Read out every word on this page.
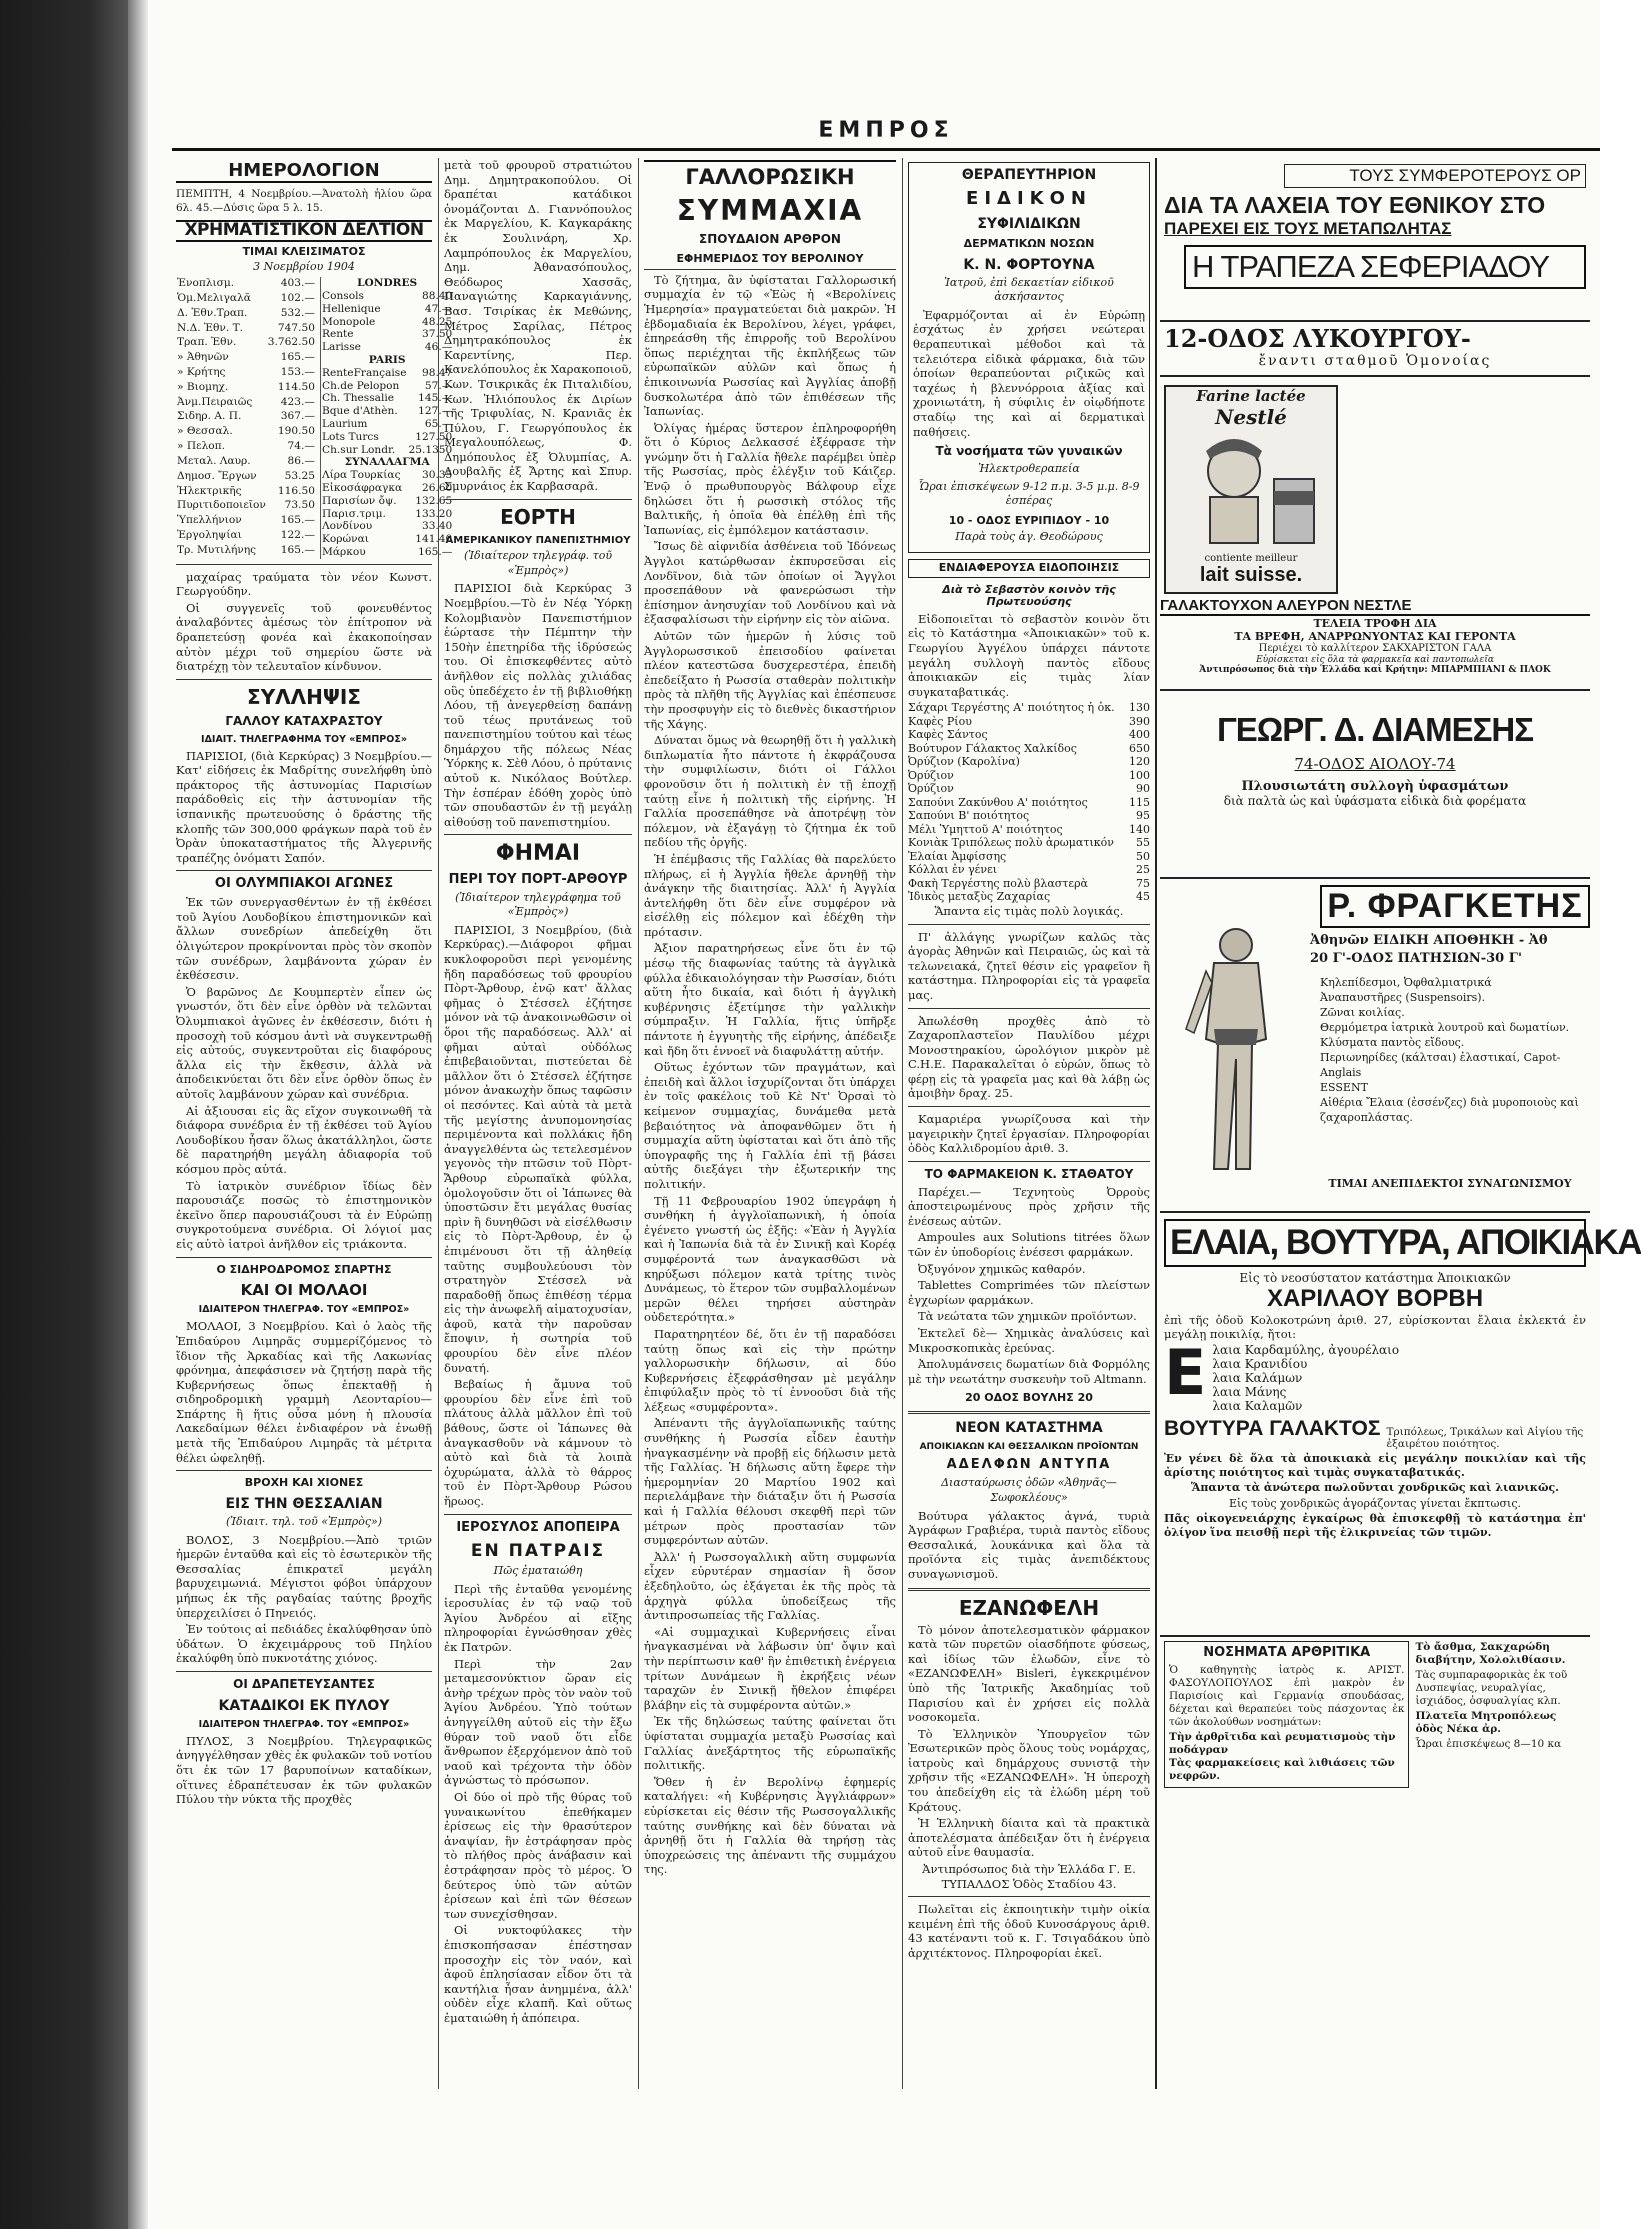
ΕΜΠΡΟΣ
ΗΜΕΡΟΛΟΓΙΟΝ

ΠΕΜΠΤΗ, 4 Νοεμβρίου.—Ἀνατολὴ ἡλίου ὥρα 6λ. 45.—Δύσις ὥρα 5 λ. 15.

ΧΡΗΜΑΤΙΣΤΙΚΟΝ ΔΕΛΤΙΟΝ
ΤΙΜΑΙ ΚΛΕΙΣΙΜΑΤΟΣ
3 Νοεμβρίου 1904
Ἐνοπλισμ.	403.—
Ὁμ.Μελιγαλᾶ	102.—
Δ. Ἐθν.Τραπ.	532.—
Ν.Δ. Ἐθν. Τ.	747.50
Τραπ. Ἐθν.	3.762.50
» Ἀθηνῶν	165.—
» Κρήτης	153.—
» Βιομηχ.	114.50
Ἀνμ.Πειραιῶς	423.—
Σιδηρ. Α. Π.	367.—
» Θεσσαλ.	190.50
» Πελοπ.	74.—
Μεταλ. Λαυρ.	86.—
Δημοσ. Ἔργων	53.25
Ἠλεκτρικῆς	116.50
Πυριτιδοποιεῖον	73.50
Ὑπελλήνιον	165.—
Ἐργοληψίαι	122.—
Τρ. Μυτιλήνης	165.—
LONDRES	
Consols	88.40
Hellenique	47.—
Monopole	48.25
Rente	37.50
Larisse	46.—
PARIS	
RenteFrançaise	98.47
Ch.de Pelopon	57.—
Ch. Thessalie	145.—
Bque d'Athèn.	127.—
Laurium	65.—
Lots Turcs	127.50
Ch.sur Londr.	25.1350
ΣΥΝΑΛΛΑΓΜΑ	
Λίρα Τουρκίας	30.35
Εἰκοσάφραγκα	26.60
Παρισίων ὄψ.	132.65
Παρισ.τριμ.	133.20
Λονδίνου	33.40
Κορώναι	141.40
Μάρκου	165.—

μαχαίρας τραύματα τὸν νέον Κωνστ. Γεωργούδην.

Οἱ συγγενεῖς τοῦ φονευθέντος ἀναλαβόντες ἀμέσως τὸν ἐπίτροπον νὰ δραπετεύσῃ φονέα καὶ ἐκακοποίησαν αὐτὸν μέχρι τοῦ σημερίου ὥστε νὰ διατρέχῃ τὸν τελευταῖον κίνδυνον.

ΣΥΛΛΗΨΙΣ
ΓΑΛΛΟΥ ΚΑΤΑΧΡΑΣΤΟΥ
ΙΔΙΑΙΤ. ΤΗΛΕΓΡΑΦΗΜΑ ΤΟΥ «ΕΜΠΡΟΣ»

ΠΑΡΙΣΙΟΙ, (διὰ Κερκύρας) 3 Νοεμβρίου.—Κατ' εἰδήσεις ἐκ Μαδρίτης συνελήφθη ὑπὸ πράκτορος τῆς ἀστυνομίας Παρισίων παράδοθεὶς εἰς τὴν ἀστυνομίαν τῆς ἰσπανικῆς πρωτευούσης ὁ δράστης τῆς κλοπῆς τῶν 300,000 φράγκων παρὰ τοῦ ἐν Ὀρὰν ὑποκαταστήματος τῆς Ἀλγερινῆς τραπέζης ὀνόματι Σαπόν.

ΟΙ ΟΛΥΜΠΙΑΚΟΙ ΑΓΩΝΕΣ

Ἐκ τῶν συνεργασθέντων ἐν τῇ ἐκθέσει τοῦ Ἁγίου Λουδοβίκου ἐπιστημονικῶν καὶ ἄλλων συνεδρίων ἀπεδείχθη ὅτι ὀλιγώτερον προκρίνονται πρὸς τὸν σκοπὸν τῶν συνέδρων, λαμβάνοντα χώραν ἐν ἐκθέσεσιν.

Ὁ βαρῶνος Δε Κουμπερτὲν εἶπεν ὡς γνωστόν, ὅτι δὲν εἶνε ὀρθὸν νὰ τελῶνται Ὀλυμπιακοὶ ἀγῶνες ἐν ἐκθέσεσιν, διότι ἡ προσοχὴ τοῦ κόσμου ἀντὶ νὰ συγκεντρωθῇ εἰς αὐτούς, συγκεντροῦται εἰς διαφόρους ἄλλα εἰς τὴν ἔκθεσιν, ἀλλὰ νὰ ἀποδεικνύεται ὅτι δὲν εἶνε ὀρθὸν ὅπως ἐν αὐτοῖς λαμβάνουν χώραν καὶ συνέδρια.

Αἱ ἀξιουσαι εἰς ἃς εἴχον συγκοινωθῆ τὰ διάφορα συνέδρια ἐν τῇ ἐκθέσει τοῦ Ἁγίου Λουδοβίκου ἦσαν ὅλως ἀκατάλληλοι, ὥστε δὲ παρατηρήθη μεγάλη ἀδιαφορία τοῦ κόσμου πρὸς αὐτά.

Τὸ ἰατρικὸν συνέδριον ἴδίως δὲν παρουσιάζε ποσῶς τὸ ἐπιστημονικὸν ἐκεῖνο ὅπερ παρουσιάζουσι τὰ ἐν Εὐρώπῃ συγκροτούμενα συνέδρια. Οἱ λόγιοί μας εἰς αὐτὸ ἰατροὶ ἀνῆλθον εἰς τριάκοντα.

Ο ΣΙΔΗΡΟΔΡΟΜΟΣ ΣΠΑΡΤΗΣ
ΚΑΙ ΟΙ ΜΟΛΑΟΙ
ΙΔΙΑΙΤΕΡΟΝ ΤΗΛΕΓΡΑΦ. ΤΟΥ «ΕΜΠΡΟΣ»

ΜΟΛΑΟΙ, 3 Νοεμβρίου. Καὶ ὁ λαὸς τῆς Ἐπιδαύρου Λιμηρᾶς συμμερίζόμενος τὸ ἴδιον τῆς Ἀρκαδίας καὶ τῆς Λακωνίας φρόνημα, ἀπεφάσισεν νὰ ζητήσῃ παρὰ τῆς Κυβερνήσεως ὅπως ἐπεκταθῇ ἡ σιδηροδρομικὴ γραμμὴ Λεονταρίου—Σπάρτης ἣ ἥτις οὖσα μόνη ἡ πλουσία Λακεδαίμων θέλει ἐνδιαφέρον νὰ ἐνωθῇ μετὰ τῆς Ἐπιδαύρου Λιμηρᾶς τὰ μέτριτα θέλει ὠφεληθῇ.

ΒΡΟΧΗ ΚΑΙ ΧΙΟΝΕΣ
ΕΙΣ ΤΗΝ ΘΕΣΣΑΛΙΑΝ
(Ἰδιαιτ. τηλ. τοῦ «Ἐμπρὸς»)

ΒΟΛΟΣ, 3 Νοεμβρίου.—Ἀπὸ τριῶν ἡμερῶν ἐνταῦθα καὶ εἰς τὸ ἐσωτερικὸν τῆς Θεσσαλίας ἐπικρατεῖ μεγάλη βαρυχειμωνιά. Μέγιστοι φόβοι ὑπάρχουν μήπως ἐκ τῆς ραγδαίας ταύτης βροχῆς ὑπερχειλίσει ὁ Πηνειός.

Ἐν τούτοις αἱ πεδιάδες ἐκαλύφθησαν ὑπὸ ὑδάτων. Ὁ ἐκχειμάρρους τοῦ Πηλίου ἐκαλύφθη ὑπὸ πυκνοτάτης χιόνος.

ΟΙ ΔΡΑΠΕΤΕΥΣΑΝΤΕΣ
ΚΑΤΑΔΙΚΟΙ ΕΚ ΠΥΛΟΥ
ΙΔΙΑΙΤΕΡΟΝ ΤΗΛΕΓΡΑΦ. ΤΟΥ «ΕΜΠΡΟΣ»

ΠΥΛΟΣ, 3 Νοεμβρίου. Τηλεγραφικῶς ἀνηγγέλθησαν χθὲς ἐκ φυλακῶν τοῦ νοτίου ὅτι ἐκ τῶν 17 βαρυποίνων καταδίκων, οἵτινες ἐδραπέτευσαν ἐκ τῶν φυλακῶν Πύλου τὴν νύκτα τῆς προχθὲς

μετὰ τοῦ φρουροῦ στρατιώτου Δημ. Δημητρακοπούλου. Οἱ δραπέται κατάδικοι ὀνομάζονται Δ. Γιαννόπουλος ἐκ Μαργελίου, Κ. Καγκαράκης ἐκ Σουλινάρη, Χρ. Λαμπρόπουλος ἐκ Μαργελίου, Δημ. Ἀθανασόπουλος, Θεόδωρος Χασσᾶς, Παναγιώτης Καρκαγιάννης, Βασ. Τσιρίκας ἐκ Μεθώνης, Μέτρος Σαρίλας, Πέτρος Δημητρακόπουλος ἐκ Καρεντίνης, Περ. Κανελόπουλος ἐκ Χαρακοποιοῦ, Κων. Τσικρικᾶς ἐκ Πιταλιδίου, Κων. Ἠλιόπουλος ἐκ Διρίων τῆς Τριφυλίας, Ν. Κρανιᾶς ἐκ Πύλου, Γ. Γεωργόπουλος ἐκ Μεγαλουπόλεως, Φ. Δημόπουλος ἐξ Ὀλυμπίας, Α. Δουβαλῆς ἐξ Ἄρτης καὶ Σπυρ. Σμυρνάιος ἐκ Καρβασαρᾶ.

ΕΟΡΤΗ
ΑΜΕΡΙΚΑΝΙΚΟΥ ΠΑΝΕΠΙΣΤΗΜΙΟΥ
(Ἰδιαίτερον τηλεγράφ. τοῦ «Ἐμπρὸς»)

ΠΑΡΙΣΙΟΙ διὰ Κερκύρας 3 Νοεμβρίου.—Τὸ ἐν Νέᾳ Ὑόρκῃ Κολομβιανὸν Πανεπιστήμιον ἑώρτασε τὴν Πέμπτην τὴν 150ὴν ἐπετηρίδα τῆς ἱδρύσεώς του. Οἱ ἐπισκεφθέντες αὐτὸ ἀνῆλθον εἰς πολλὰς χιλιάδας οὓς ὑπεδέχετο ἐν τῇ βιβλιοθήκῃ Λόου, τῇ ἀνεγερθείσῃ δαπάνῃ τοῦ τέως πρυτάνεως τοῦ πανεπιστημίου τούτου καὶ τέως δημάρχου τῆς πόλεως Νέας Ὑόρκης κ. Σὲθ Λόου, ὁ πρύτανις αὐτοῦ κ. Νικόλαος Βούτλερ. Τὴν ἑσπέραν ἐδόθη χορὸς ὑπὸ τῶν σπουδαστῶν ἐν τῇ μεγάλῃ αἰθούσῃ τοῦ πανεπιστημίου.

ΦΗΜΑΙ
ΠΕΡΙ ΤΟΥ ΠΟΡΤ-ΑΡΘΟΥΡ
(Ἰδιαίτερον τηλεγράφημα τοῦ «Ἐμπρὸς»)

ΠΑΡΙΣΙΟΙ, 3 Νοεμβρίου, (διὰ Κερκύρας).—Διάφοροι φῆμαι κυκλοφοροῦσι περὶ γενομένης ἤδη παραδόσεως τοῦ φρουρίου Πὸρτ-Ἄρθουρ, ἐνῷ κατ' ἄλλας φῆμας ὁ Στέσσελ ἐζήτησε μόνον νὰ τῷ ἀνακοινωθῶσιν οἱ ὅροι τῆς παραδόσεως. Ἀλλ' αἱ φῆμαι αὐταὶ οὐδόλως ἐπιβεβαιοῦνται, πιστεύεται δὲ μᾶλλον ὅτι ὁ Στέσσελ ἐζήτησε μόνον ἀνακωχὴν ὅπως ταφῶσιν οἱ πεσόντες. Καὶ αὐτὰ τὰ μετὰ τῆς μεγίστης ἀνυπομονησίας περιμένοντα καὶ πολλάκις ἤδη ἀναγγελθέντα ὡς τετελεσμένον γεγονὸς τὴν πτῶσιν τοῦ Πὸρτ-Ἄρθουρ εὐρωπαϊκὰ φύλλα, ὁμολογοῦσιν ὅτι οἱ Ἰάπωνες θὰ ὑποστῶσιν ἔτι μεγάλας θυσίας πρὶν ἢ δυνηθῶσι νὰ εἰσέλθωσιν εἰς τὸ Πὸρτ-Ἄρθουρ, ἐν ᾧ ἐπιμένουσι ὅτι τῇ ἀληθείᾳ ταῦτης συμβουλεύουσι τὸν στρατηγὸν Στέσσελ νὰ παραδοθῇ ὅπως ἐπιθέσῃ τέρμα εἰς τὴν ἀνωφελῆ αἱματοχυσίαν, ἀφοῦ, κατὰ τὴν παροῦσαν ἔποψιν, ἡ σωτηρία τοῦ φρουρίου δὲν εἶνε πλέον δυνατή.

Βεβαίως ἡ ἄμυνα τοῦ φρουρίου δὲν εἶνε ἐπὶ τοῦ πλάτους ἀλλὰ μᾶλλον ἐπὶ τοῦ βάθους, ὥστε οἱ Ἰάπωνες θὰ ἀναγκασθοῦν νὰ κάμνουν τὸ αὐτὸ καὶ διὰ τὰ λοιπὰ ὀχυρώματα, ἀλλὰ τὸ θάρρος τοῦ ἐν Πὸρτ-Ἄρθουρ Ρώσου ἥρωος.

ΙΕΡΟΣΥΛΟΣ ΑΠΟΠΕΙΡΑ
ΕΝ ΠΑΤΡΑΙΣ
Πῶς ἐματαιώθη

Περὶ τῆς ἐνταῦθα γενομένης ἱεροσυλίας ἐν τῷ ναῷ τοῦ Ἁγίου Ἀνδρέου αἱ εἴξης πληροφορίαι ἐγνώσθησαν χθὲς ἐκ Πατρῶν.

Περὶ τὴν 2αν μεταμεσονύκτιον ὥραν εἰς ἀνὴρ τρέχων πρὸς τὸν ναὸν τοῦ Ἁγίου Ἀνδρέου. Ὑπὸ τούτων ἀνηγγείλθη αὐτοῦ εἰς τὴν ἔξω θύραν τοῦ ναοῦ ὅτι εἶδε ἄνθρωπον ἐξερχόμενον ἀπὸ τοῦ ναοῦ καὶ τρέχοντα τὴν ὁδὸν ἀγνώστως τὸ πρόσωπον.

Οἱ δύο οἱ πρὸ τῆς θύρας τοῦ γυναικωνίτου ἐπεθήκαμεν ἐρίσεως εἰς τὴν θρασύτερον ἀναψίαν, ἣν ἐστράφησαν πρὸς τὸ πλήθος πρὸς ἀνάβασιν καὶ ἐστράφησαν πρὸς τὸ μέρος. Ὁ δεύτερος ὑπὸ τῶν αὐτῶν ἐρίσεων καὶ ἐπὶ τῶν θέσεων των συνεχίσθησαν.

Οἱ νυκτοφύλακες τὴν ἐπισκοπήσασαν ἐπέστησαν προσοχὴν εἰς τὸν ναόν, καὶ ἀφοῦ ἐπλησίασαν εἶδον ὅτι τὰ καντήλια ἦσαν ἀνημμένα, ἀλλ' οὐδὲν εἶχε κλαπῆ. Καὶ οὕτως ἐματαιώθη ἡ ἀπόπειρα.

ΓΑΛΛΟΡΩΣΙΚΗ
ΣΥΜΜΑΧΙΑ
ΣΠΟΥΔΑΙΟΝ ΑΡΘΡΟΝ
ΕΦΗΜΕΡΙΔΟΣ ΤΟΥ ΒΕΡΟΛΙΝΟΥ

Τὸ ζήτημα, ἂν ὑφίσταται Γαλλορωσική συμμαχία ἐν τῷ «Ἐὼς ἡ «Βερολίνεις Ἡμερησία» πραγματεύεται διὰ μακρῶν. Ἡ ἑβδομαδιαία ἐκ Βερολίνου, λέγει, γράφει, ἐπηρεάσθη τῆς ἐπιρροῆς τοῦ Βερολίνου ὅπως περιέχηται τῆς ἐκπλήξεως τῶν εὐρωπαϊκῶν αὐλῶν καὶ ὅπως ἡ ἐπικοινωνία Ρωσσίας καὶ Ἀγγλίας ἀποβῇ δυσκολωτέρα ἀπὸ τῶν ἐπιθέσεων τῆς Ἰαπωνίας.

Ὀλίγας ἡμέρας ὕστερον ἐπληροφορήθη ὅτι ὁ Κύριος Δελκασσέ ἐξέφρασε τὴν γνώμην ὅτι ἡ Γαλλία ἤθελε παρέμβει ὑπὲρ τῆς Ρωσσίας, πρὸς ἐλέγξιν τοῦ Κάιζερ. Ἐνῷ ὁ πρωθυπουργὸς Βάλφουρ εἶχε δηλώσει ὅτι ἡ ρωσσικὴ στόλος τῆς Βαλτικῆς, ἡ ὁποῖα θὰ ἐπέλθῃ ἐπὶ τῆς Ἰαπωνίας, εἰς ἐμπόλεμον κατάστασιν.

Ἴσως δὲ αἰφνιδία ἀσθένεια τοῦ Ἰδόνεως Ἀγγλοι κατώρθωσαν ἐκπυρσεῦσαι εἰς Λονδῖνον, διὰ τῶν ὁποίων οἱ Ἄγγλοι προσεπάθουν νὰ φανερώσωσι τὴν ἐπίσημον ἀνησυχίαν τοῦ Λονδίνου καὶ νὰ ἐξασφαλίσωσι τὴν εἰρήνην εἰς τὸν αἰῶνα.

Αὐτῶν τῶν ἡμερῶν ἡ λύσις τοῦ Ἀγγλορωσσικοῦ ἐπεισοδίου φαίνεται πλέον κατεστῶσα δυσχερεστέρα, ἐπειδὴ ἐπεδείξατο ἡ Ρωσσία σταθερὰν πολιτικὴν πρὸς τὰ πλῆθη τῆς Ἀγγλίας καὶ ἐπέσπευσε τὴν προσφυγὴν εἰς τὸ διεθνὲς δικαστήριον τῆς Χάγης.

Δύναται ὅμως νὰ θεωρηθῇ ὅτι ἡ γαλλικὴ διπλωματία ἦτο πάντοτε ἡ ἐκφράζουσα τὴν συμφιλίωσιν, διότι οἱ Γάλλοι φρονοῦσιν ὅτι ἡ πολιτικὴ ἐν τῇ ἐποχῇ ταύτῃ εἶνε ἡ πολιτικὴ τῆς εἰρήνης. Ἡ Γαλλία προσεπάθησε νὰ ἀποτρέψῃ τὸν πόλεμον, νὰ ἐξαγάγῃ τὸ ζήτημα ἐκ τοῦ πεδίου τῆς ὀργῆς.

Ἡ ἐπέμβασις τῆς Γαλλίας θὰ παρελύετο πλήρως, εἰ ἡ Ἀγγλία ἤθελε ἀρνηθῇ τὴν ἀνάγκην τῆς διαιτησίας. Ἀλλ' ἡ Ἀγγλία ἀντελήφθη ὅτι δὲν εἶνε συμφέρον νὰ εἰσέλθῃ εἰς πόλεμον καὶ ἐδέχθη τὴν πρότασιν.

Ἀξιον παρατηρήσεως εἶνε ὅτι ἐν τῷ μέσῳ τῆς διαφωνίας ταύτης τὰ ἀγγλικὰ φύλλα ἐδικαιολόγησαν τὴν Ρωσσίαν, διότι αὕτη ἦτο δικαία, καὶ διότι ἡ ἀγγλικὴ κυβέρνησις ἐξετίμησε τὴν γαλλικὴν σύμπραξιν. Ἡ Γαλλία, ἥτις ὑπῆρξε πάντοτε ἡ ἐγγυητὴς τῆς εἰρήνης, ἀπέδειξε καὶ ἤδη ὅτι ἐννοεῖ νὰ διαφυλάττῃ αὐτήν.

Οὕτως ἐχόντων τῶν πραγμάτων, καὶ ἐπειδὴ καὶ ἄλλοι ἰσχυρίζονται ὅτι ὑπάρχει ἐν τοῖς φακέλοις τοῦ Κὲ Ντ' Ὀρσαὶ τὸ κείμενον συμμαχίας, δυνάμεθα μετὰ βεβαιότητος νὰ ἀποφανθῶμεν ὅτι ἡ συμμαχία αὕτη ὑφίσταται καὶ ὅτι ἀπὸ τῆς ὑπογραφῆς της ἡ Γαλλία ἐπὶ τῇ βάσει αὐτῆς διεξάγει τὴν ἐξωτερικήν της πολιτικήν.

Τῇ 11 Φεβρουαρίου 1902 ὑπεγράφη ἡ συνθήκη ἡ ἀγγλοϊαπωνικὴ, ἡ ὁποία ἐγένετο γνωστή ὡς ἐξῆς: «Ἐὰν ἡ Ἀγγλία καὶ ἡ Ἰαπωνία διὰ τὰ ἐν Σινικῇ καὶ Κορέᾳ συμφέροντά των ἀναγκασθῶσι νὰ κηρύξωσι πόλεμον κατὰ τρίτης τινὸς Δυνάμεως, τὸ ἕτερον τῶν συμβαλλομένων μερῶν θέλει τηρήσει αὐστηρὰν οὐδετερότητα.»

Παρατηρητέον δέ, ὅτι ἐν τῇ παραδόσει ταύτῃ ὅπως καὶ εἰς τὴν πρώτην γαλλορωσικὴν δήλωσιν, αἱ δύο Κυβερνήσεις ἐξεφράσθησαν μὲ μεγάλην ἐπιφύλαξιν πρὸς τὸ τί ἐννοοῦσι διὰ τῆς λέξεως «συμφέροντα».

Ἀπέναντι τῆς ἀγγλοϊαπωνικῆς ταύτης συνθήκης ἡ Ρωσσία εἶδεν ἐαυτὴν ἠναγκασμένην νὰ προβῇ εἰς δήλωσιν μετὰ τῆς Γαλλίας. Ἡ δήλωσις αὕτη ἔφερε τὴν ἡμερομηνίαν 20 Μαρτίου 1902 καὶ περιελάμβανε τὴν διάταξιν ὅτι ἡ Ρωσσία καὶ ἡ Γαλλία θέλουσι σκεφθῆ περὶ τῶν μέτρων πρὸς προστασίαν τῶν συμφερόντων αὐτῶν.

Ἀλλ' ἡ Ρωσσογαλλικὴ αὕτη συμφωνία εἶχεν εὐρυτέραν σημασίαν ἢ ὅσον ἐξεδηλοῦτο, ὡς ἐξάγεται ἐκ τῆς πρὸς τὰ ἀρχηγὰ φύλλα ὑποδείξεως τῆς ἀντιπροσωπείας τῆς Γαλλίας.

«Αἱ συμμαχικαὶ Κυβερνήσεις εἶναι ἠναγκασμέναι νὰ λάβωσιν ὑπ' ὄψιν καὶ τὴν περίπτωσιν καθ' ἣν ἐπιθετικὴ ἐνέργεια τρίτων Δυνάμεων ἢ ἐκρήξεις νέων ταραχῶν ἐν Σινικῇ ἤθελον ἐπιφέρει βλάβην εἰς τὰ συμφέροντα αὐτῶν.»

Ἐκ τῆς δηλώσεως ταύτης φαίνεται ὅτι ὑφίσταται συμμαχία μεταξὺ Ρωσσίας καὶ Γαλλίας ἀνεξάρτητος τῆς εὐρωπαϊκῆς πολιτικῆς.

Ὅθεν ἡ ἐν Βερολίνῳ ἐφημερίς καταλήγει: «ἡ Κυβέρνησις Ἀγγλιάφρων» εὑρίσκεται εἰς θέσιν τῆς Ρωσσογαλλικῆς ταύτης συνθήκης καὶ δὲν δύναται νὰ ἀρνηθῇ ὅτι ἡ Γαλλία θὰ τηρήσῃ τὰς ὑποχρεώσεις της ἀπέναντι τῆς συμμάχου της.

ΘΕΡΑΠΕΥΤΗΡΙΟΝ
ΕΙΔΙΚΟΝ
ΣΥΦΙΛΙΔΙΚΩΝ
ΔΕΡΜΑΤΙΚΩΝ ΝΟΣΩΝ
Κ. Ν. ΦΟΡΤΟΥΝΑ
Ἰατροῦ, ἐπὶ δεκαετίαν εἰδικοῦ ἀσκήσαντος

Ἐφαρμόζονται αἱ ἐν Εὐρώπῃ ἐσχάτως ἐν χρήσει νεώτεραι θεραπευτικαὶ μέθοδοι καὶ τὰ τελειότερα εἰδικὰ φάρμακα, διὰ τῶν ὁποίων θεραπεύονται ριζικῶς καὶ ταχέως ἡ βλεννόρροια ἀξίας καὶ χρονιωτάτη, ἡ σύφιλις ἐν οἱῳδήποτε σταδίῳ της καὶ αἱ δερματικαὶ παθήσεις.

Τὰ νοσήματα τῶν γυναικῶν
Ἠλεκτροθεραπεία
Ὧραι ἐπισκέψεων 9-12 π.μ. 3-5 μ.μ. 8-9 ἑσπέρας
10 - ΟΔΟΣ ΕΥΡΙΠΙΔΟΥ - 10
Παρὰ τοὺς ἁγ. Θεοδώρους
ΕΝΔΙΑΦΕΡΟΥΣΑ ΕΙΔΟΠΟΙΗΣΙΣ
Διὰ τὸ Σεβαστὸν κοινὸν τῆς Πρωτευούσης

Εἰδοποιεῖται τὸ σεβαστὸν κοινὸν ὅτι εἰς τὸ Κατάστημα «Ἀποικιακῶν» τοῦ κ. Γεωργίου Ἀγγέλου ὑπάρχει πάντοτε μεγάλη συλλογὴ παντὸς εἴδους ἀποικιακῶν εἰς τιμὰς λίαν συγκαταβατικάς.

Σάχαρι Τεργέστης Α' ποιότητος ἡ ὀκ. 130
Καφὲς Ρίου	390
Καφὲς Σάντος	400
Βούτυρον Γάλακτος Χαλκίδος	650
Ὀρύζιον (Καρολίνα)	120
Ὀρύζιον	100
Ὀρύζιον	90
Σαπούνι Ζακύνθου Α' ποιότητος	115
Σαπούνι Β' ποιότητος	95
Μέλι Ὑμηττοῦ Α' ποιότητος	140
Κονιὰκ Τριπόλεως πολὺ ἀρωματικόν 55
Ἐλαίαι Ἀμφίσσης	50
Κόλλαι ἐν γένει	25
Φακὴ Τεργέστης πολὺ βλαστερὰ	75
Ἰδικὸς μεταξὺς Ζαχαρίας	45

Ἅπαντα εἰς τιμὰς πολὺ λογικάς.

Π' ἀλλάγης γνωρίζων καλῶς τὰς ἀγορὰς Ἀθηνῶν καὶ Πειραιῶς, ὡς καὶ τὰ τελωνειακά, ζητεῖ θέσιν εἰς γραφεῖον ἢ κατάστημα. Πληροφορίαι εἰς τὰ γραφεῖα μας.

Ἀπωλέσθη προχθὲς ἀπὸ τὸ Ζαχαροπλαστεῖον Παυλίδου μέχρι Μονοστηρακίου, ὠρολόγιον μικρὸν μὲ C.H.E. Παρακαλεῖται ὁ εὑρών, ὅπως τὸ φέρῃ εἰς τὰ γραφεῖα μας καὶ θὰ λάβῃ ὡς ἀμοιβὴν δραχ. 25.

Καμαριέρα γνωρίζουσα καὶ τὴν μαγειρικὴν ζητεῖ ἐργασίαν. Πληροφορίαι ὁδὸς Καλλιδρομίου ἀριθ. 3.

ΤΟ ΦΑΡΜΑΚΕΙΟΝ Κ. ΣΤΑΘΑΤΟΥ

Παρέχει.— Τεχνητοὺς Ὀρροὺς ἀποστειρωμένους πρὸς χρῆσιν τῆς ἐνέσεως αὐτῶν.

Ampoules aux Solutions titrées ὅλων τῶν ἐν ὑποδορίοις ἐνέσεσι φαρμάκων.

Ὀξυγόνον χημικῶς καθαρόν.

Tablettes Comprimées τῶν πλείστων ἐγχωρίων φαρμάκων.

Τὰ νεώτατα τῶν χημικῶν προϊόντων.

Ἐκτελεῖ δὲ— Χημικὰς ἀναλύσεις καὶ Μικροσκοπικὰς ἐρεύνας.

Ἀπολυμάνσεις δωματίων διὰ Φορμόλης μὲ τὴν νεωτάτην συσκευὴν τοῦ Altmann.

20 ΟΔΟΣ ΒΟΥΛΗΣ 20
ΝΕΟΝ ΚΑΤΑΣΤΗΜΑ
ΑΠΟΙΚΙΑΚΩΝ ΚΑΙ ΘΕΣΣΑΛΙΚΩΝ ΠΡΟΪΟΝΤΩΝ
ΑΔΕΛΦΩΝ ΑΝΤΥΠΑ
Διασταύρωσις ὁδῶν «Ἀθηνᾶς—Σωφοκλέους»

Βούτυρα γάλακτος ἁγνά, τυριὰ Ἀγράφων Γραβιέρα, τυριὰ παντὸς εἴδους Θεσσαλικά, λουκάνικα καὶ ὅλα τὰ προϊόντα εἰς τιμὰς ἀνεπιδέκτους συναγωνισμοῦ.

ΕΖΑΝΩΦΕΛΗ

Τὸ μόνον ἀποτελεσματικὸν φάρμακον κατὰ τῶν πυρετῶν οἰασδήποτε φύσεως, καὶ ἰδίως τῶν ἐλωδῶν, εἶνε τὸ «ΕΖΑΝΩΦΕΛΗ» Bisleri, ἐγκεκριμένον ὑπὸ τῆς Ἰατρικῆς Ἀκαδημίας τοῦ Παρισίου καὶ ἐν χρήσει εἰς πολλὰ νοσοκομεῖα.

Τὸ Ἐλληνικὸν Ὑπουργεῖον τῶν Ἐσωτερικῶν πρὸς ὅλους τοὺς νομάρχας, ἰατροὺς καὶ δημάρχους συνιστᾷ τὴν χρῆσιν τῆς «ΕΖΑΝΩΦΕΛΗ». Ἡ ὑπεροχὴ του ἀπεδείχθη εἰς τὰ ἐλώδη μέρη τοῦ Κράτους.

Ἡ Ἑλληνικὴ δίαιτα καὶ τὰ πρακτικὰ ἀποτελέσματα ἀπέδειξαν ὅτι ἡ ἐνέργεια αὐτοῦ εἶνε θαυμασία.

Ἀντιπρόσωπος διὰ τὴν Ἑλλάδα Γ. Ε. ΤΥΠΑΛΔΟΣ Ὁδὸς Σταδίου 43.

Πωλεῖται εἰς ἐκποιητικὴν τιμὴν οἰκία κειμένη ἐπὶ τῆς ὁδοῦ Κυνοσάργους ἀριθ. 43 κατέναντι τοῦ κ. Γ. Τσιγαδάκου ὑπὸ ἀρχιτέκτονος. Πληροφορίαι ἐκεῖ.

ΤΟΥΣ ΣΥΜΦΕΡΟΤΕΡΟΥΣ ΟΡ
ΔΙΑ ΤΑ ΛΑΧΕΙΑ ΤΟΥ ΕΘΝΙΚΟΥ ΣΤΟ
ΠΑΡΕΧΕΙ ΕΙΣ ΤΟΥΣ ΜΕΤΑΠΩΛΗΤΑΣ
Η ΤΡΑΠΕΖΑ ΣΕΦΕΡΙΑΔΟΥ
12-ΟΔΟΣ ΛΥΚΟΥΡΓΟΥ-
ἔναντι σταθμοῦ Ὁμονοίας
Farine lactée
Nestlé
contiente meilleur
lait suisse.
ΓΑΛΑΚΤΟΥΧΟΝ ΑΛΕΥΡΟΝ ΝΕΣΤΛΕ
ΤΕΛΕΙΑ ΤΡΟΦΗ ΔΙΑ
ΤΑ ΒΡΕΦΗ, ΑΝΑΡΡΩΝΥΟΝΤΑΣ ΚΑΙ ΓΕΡΟΝΤΑ
Περιέχει τὸ καλλίτερον ΣΑΚΧΑΡΙΣΤΟΝ ΓΑΛΑ
Εὑρίσκεται εἰς ὅλα τὰ φαρμακεῖα καὶ παντοπωλεῖα
Ἀντιπρόσωπος διὰ τὴν Ἑλλάδα καὶ Κρήτην: ΜΠΑΡΜΠΙΑΝΙ & ΠΛΟΚ
ΓΕΩΡΓ. Δ. ΔΙΑΜΕΣΗΣ
74-ΟΔΟΣ ΑΙΟΛΟΥ-74
Πλουσιωτάτη συλλογὴ ὑφασμάτων
διὰ παλτὰ ὡς καὶ ὑφάσματα εἰδικὰ διὰ φορέματα
Ρ. ΦΡΑΓΚΕΤΗΣ
Ἀθηνῶν ΕΙΔΙΚΗ ΑΠΟΘΗΚΗ - Ἀθ
20 Γ'-ΟΔΟΣ ΠΑΤΗΣΙΩΝ-30 Γ'
Κηλεπίδεσμοι, Ὀφθαλμιατρικά
Ἀναπαυστῆρες (Suspensoirs).
Ζῶναι κοιλίας.
Θερμόμετρα ἰατρικὰ λουτροῦ καὶ δωματίων.
Κλύσματα παντὸς εἴδους.
Περιωνηρίδες (κάλτσαι) ἐλαστικαί, Capot-Anglais
ESSENT
Αἰθέρια Ἔλαια (ἐσσένζες) διὰ μυροποιοὺς καὶ ζαχαροπλάστας.
ΤΙΜΑΙ ΑΝΕΠΙΔΕΚΤΟΙ ΣΥΝΑΓΩΝΙΣΜΟΥ
ΕΛΑΙΑ, ΒΟΥΤΥΡΑ, ΑΠΟΙΚΙΑΚΑ
Εἰς τὸ νεοσύστατον κατάστημα Ἀποικιακῶν
ΧΑΡΙΛΑΟΥ ΒΟΡΒΗ

ἐπὶ τῆς ὁδοῦ Κολοκοτρώνη ἀριθ. 27, εὑρίσκονται ἔλαια ἐκλεκτά ἐν μεγάλῃ ποικιλίᾳ, ἤτοι:

Ε λαια Καρδαμύλης, ἀγουρέλαιο
λαια Κρανιδίου
λαια Καλάμων
λαια Μάνης
λαια Καλαμῶν
ΒΟΥΤΥΡΑ ΓΑΛΑΚΤΟΣ Τριπόλεως, Τρικάλων καὶ Αἰγίου τῆς ἐξαιρέτου ποιότητος.

Ἐν γένει δὲ ὅλα τὰ ἀποικιακὰ εἰς μεγάλην ποικιλίαν καὶ τῆς ἀρίστης ποιότητος καὶ τιμὰς συγκαταβατικάς.

Ἅπαντα τὰ ἀνώτερα πωλοῦνται χονδρικῶς καὶ λιανικῶς.

Εἰς τοὺς χονδρικῶς ἀγοράζοντας γίνεται ἔκπτωσις.

Πᾶς οἰκογενειάρχης ἐγκαίρως θὰ ἐπισκεφθῇ τὸ κατάστημα ἐπ' ὀλίγον ἵνα πεισθῇ περὶ τῆς ἐλικρινείας τῶν τιμῶν.

ΝΟΣΗΜΑΤΑ ΑΡΘΡΙΤΙΚΑ

Ὁ καθηγητὴς ἰατρὸς κ. ΑΡΙΣΤ. ΦΑΣΟΥΛΟΠΟΥΛΟΣ ἐπὶ μακρὸν ἐν Παρισίοις καὶ Γερμανίᾳ σπουδάσας, δέχεται καὶ θεραπεύει τοὺς πάσχοντας ἐκ τῶν ἀκολούθων νοσημάτων:

Τὴν ἀρθρῖτιδα καὶ ρευματισμοὺς τὴν ποδάγραν

Τὰς φαρμακείσεις καὶ λιθιάσεις τῶν νεφρῶν.

Τὸ ἄσθμα, Σακχαρώδη διαβήτην, Χολολιθίασιν.

Τὰς συμπαραφορικὰς ἐκ τοῦ Δυσπεψίας, νευραλγίας, ἰσχιάδος, ὀσφυαλγίας κλπ.

Πλατεῖα Μητροπόλεως ὁδὸς Νέκα ἀρ.

Ὧραι ἐπισκέψεως 8—10 κα
